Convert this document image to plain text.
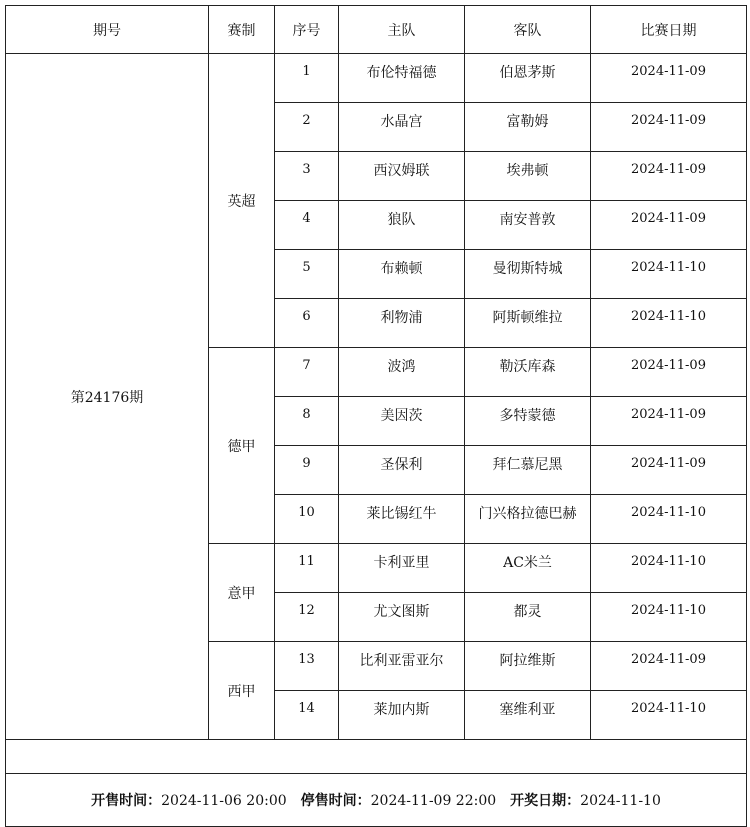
期号	赛制	序号	主队	客队	比赛日期
第24176期	英超	1	布伦特福德	伯恩茅斯	2024-11-09
		2	水晶宫	富勒姆	2024-11-09
		3	西汉姆联	埃弗顿	2024-11-09
		4	狼队	南安普敦	2024-11-09
		5	布赖顿	曼彻斯特城	2024-11-10
		6	利物浦	阿斯顿维拉	2024-11-10
	德甲	7	波鸿	勒沃库森	2024-11-09
		8	美因茨	多特蒙德	2024-11-09
		9	圣保利	拜仁慕尼黑	2024-11-09
		10	莱比锡红牛	门兴格拉德巴赫	2024-11-10
	意甲	11	卡利亚里	AC米兰	2024-11-10
		12	尤文图斯	都灵	2024-11-10
	西甲	13	比利亚雷亚尔	阿拉维斯	2024-11-09
		14	莱加内斯	塞维利亚	2024-11-10

开售时间：2024-11-06 20:00 停售时间：2024-11-09 22:00 开奖日期：2024-11-10					
